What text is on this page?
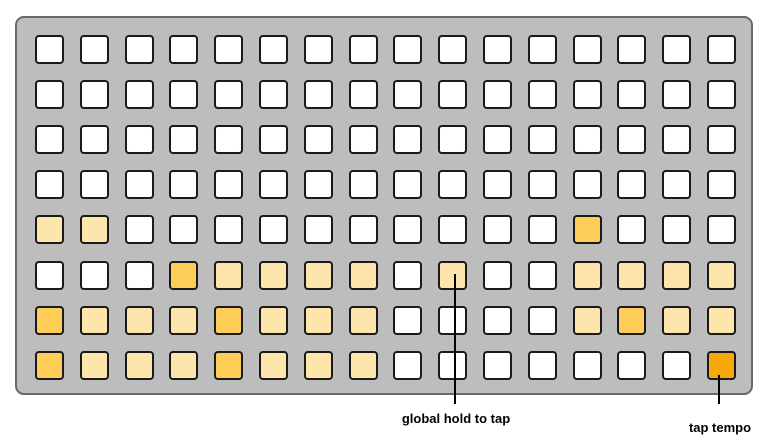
global hold to tap
tap tempo
